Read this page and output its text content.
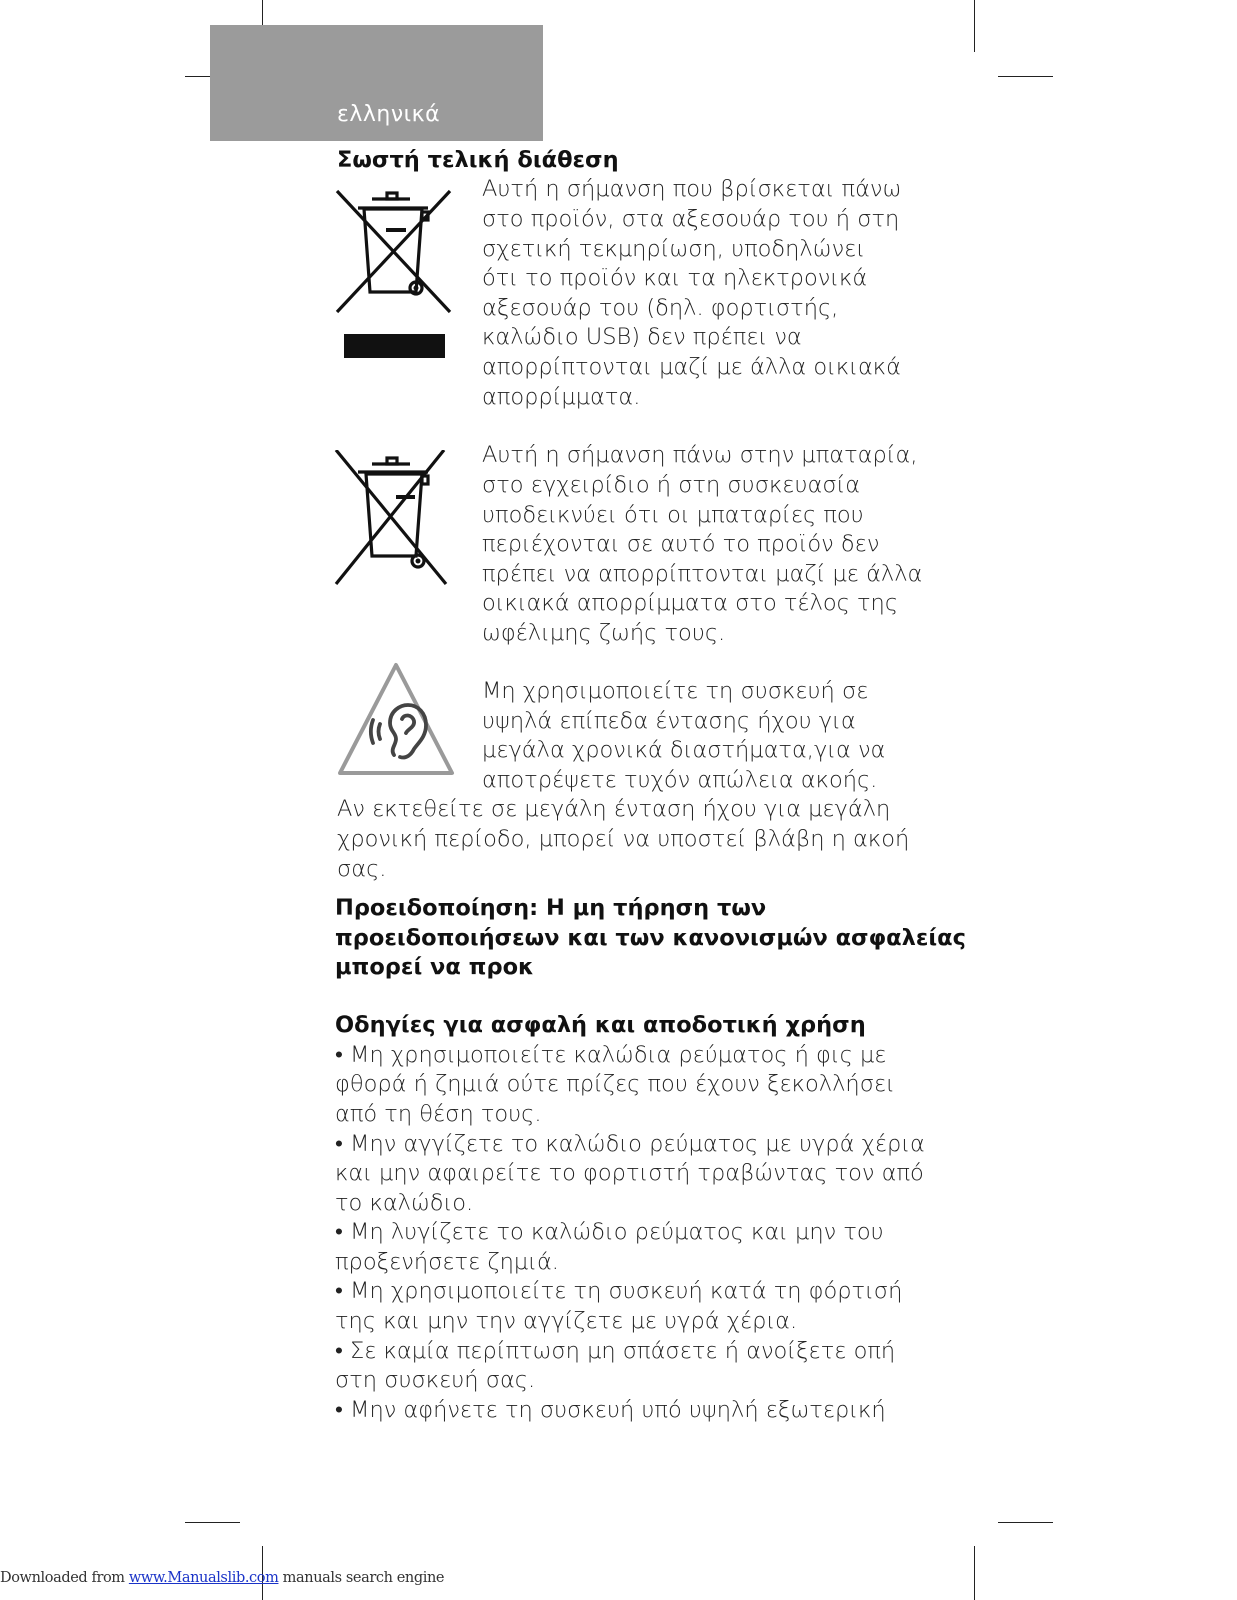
ελληνικά
Σωστή τελική διάθεση
Αυτή η σήμανση που βρίσκεται πάνω
στο προϊόν, στα αξεσουάρ του ή στη
σχετική τεκμηρίωση, υποδηλώνει
ότι το προϊόν και τα ηλεκτρονικά
αξεσουάρ του (δηλ. φορτιστής,
καλώδιο USB) δεν πρέπει να
απορρίπτονται μαζί με άλλα οικιακά
απορρίμματα.
Αυτή η σήμανση πάνω στην μπαταρία,
στο εγχειρίδιο ή στη συσκευασία
υποδεικνύει ότι οι μπαταρίες που
περιέχονται σε αυτό το προϊόν δεν
πρέπει να απορρίπτονται μαζί με άλλα
οικιακά απορρίμματα στο τέλος της
ωφέλιμης ζωής τους.
Μη χρησιμοποιείτε τη συσκευή σε
υψηλά επίπεδα έντασης ήχου για
μεγάλα χρονικά διαστήματα,για να
αποτρέψετε τυχόν απώλεια ακοής.
Αν εκτεθείτε σε μεγάλη ένταση ήχου για μεγάλη
χρονική περίοδο, μπορεί να υποστεί βλάβη η ακοή
σας.
Προειδοποίηση: Η μη τήρηση των
προειδοποιήσεων και των κανονισμών ασφαλείας
μπορεί να προκ
Οδηγίες για ασφαλή και αποδοτική χρήση
• Μη χρησιμοποιείτε καλώδια ρεύματος ή φις με
φθορά ή ζημιά ούτε πρίζες που έχουν ξεκολλήσει
από τη θέση τους.
• Μην αγγίζετε το καλώδιο ρεύματος με υγρά χέρια
και μην αφαιρείτε το φορτιστή τραβώντας τον από
το καλώδιο.
• Μη λυγίζετε το καλώδιο ρεύματος και μην του
προξενήσετε ζημιά.
• Μη χρησιμοποιείτε τη συσκευή κατά τη φόρτισή
της και μην την αγγίζετε με υγρά χέρια.
• Σε καμία περίπτωση μη σπάσετε ή ανοίξετε οπή
στη συσκευή σας.
• Μην αφήνετε τη συσκευή υπό υψηλή εξωτερική
Downloaded from www.Manualslib.com manuals search engine
